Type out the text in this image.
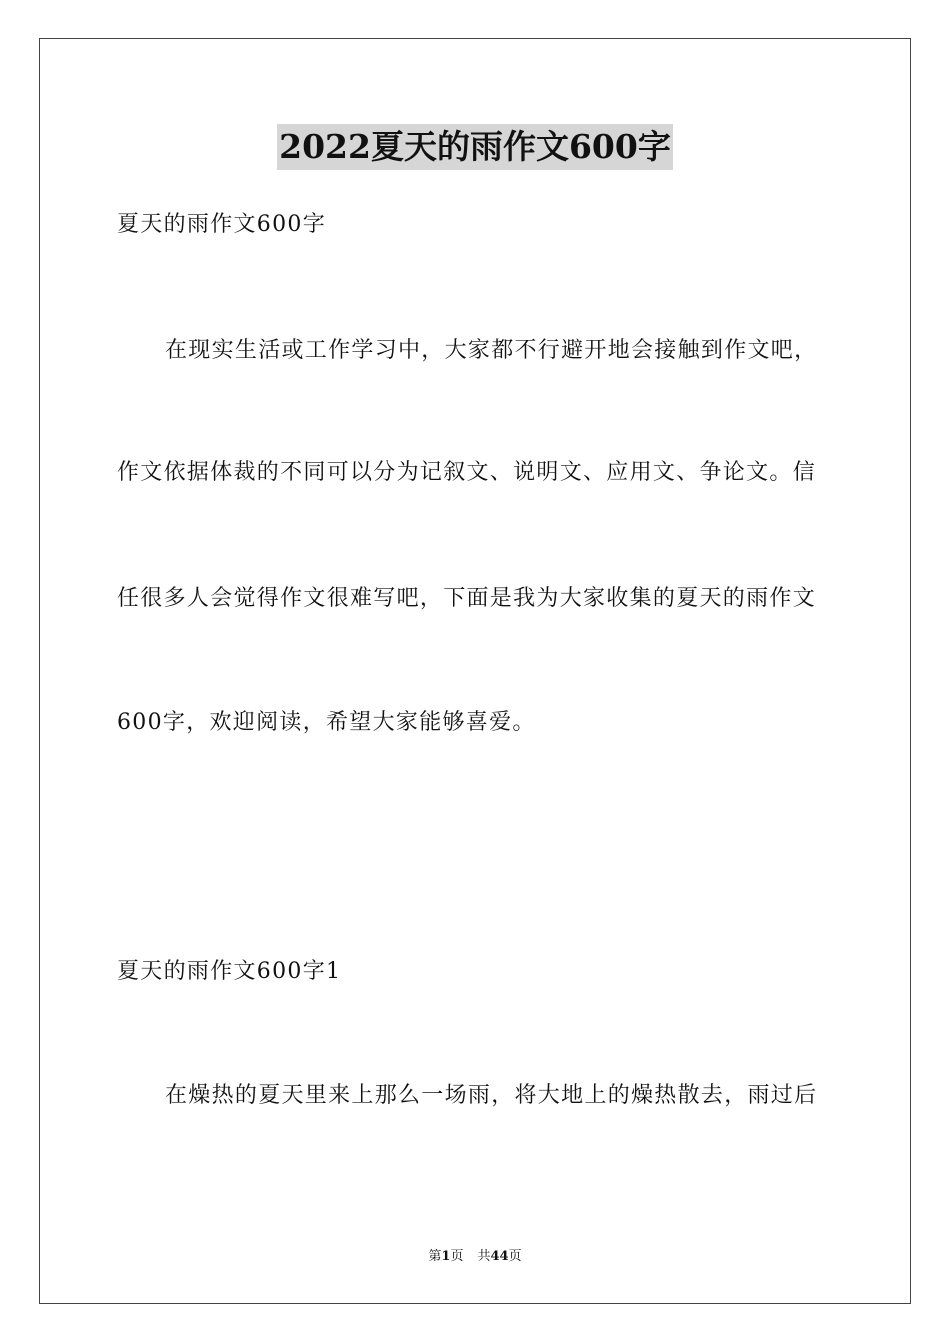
2022夏天的雨作文600字
夏天的雨作文600字
在现实生活或工作学习中，大家都不行避开地会接触到作文吧，
作文依据体裁的不同可以分为记叙文、说明文、应用文、争论文。信
任很多人会觉得作文很难写吧，下面是我为大家收集的夏天的雨作文
600字，欢迎阅读，希望大家能够喜爱。
夏天的雨作文600字1
在燥热的夏天里来上那么一场雨，将大地上的燥热散去，雨过后
第1页 共44页
